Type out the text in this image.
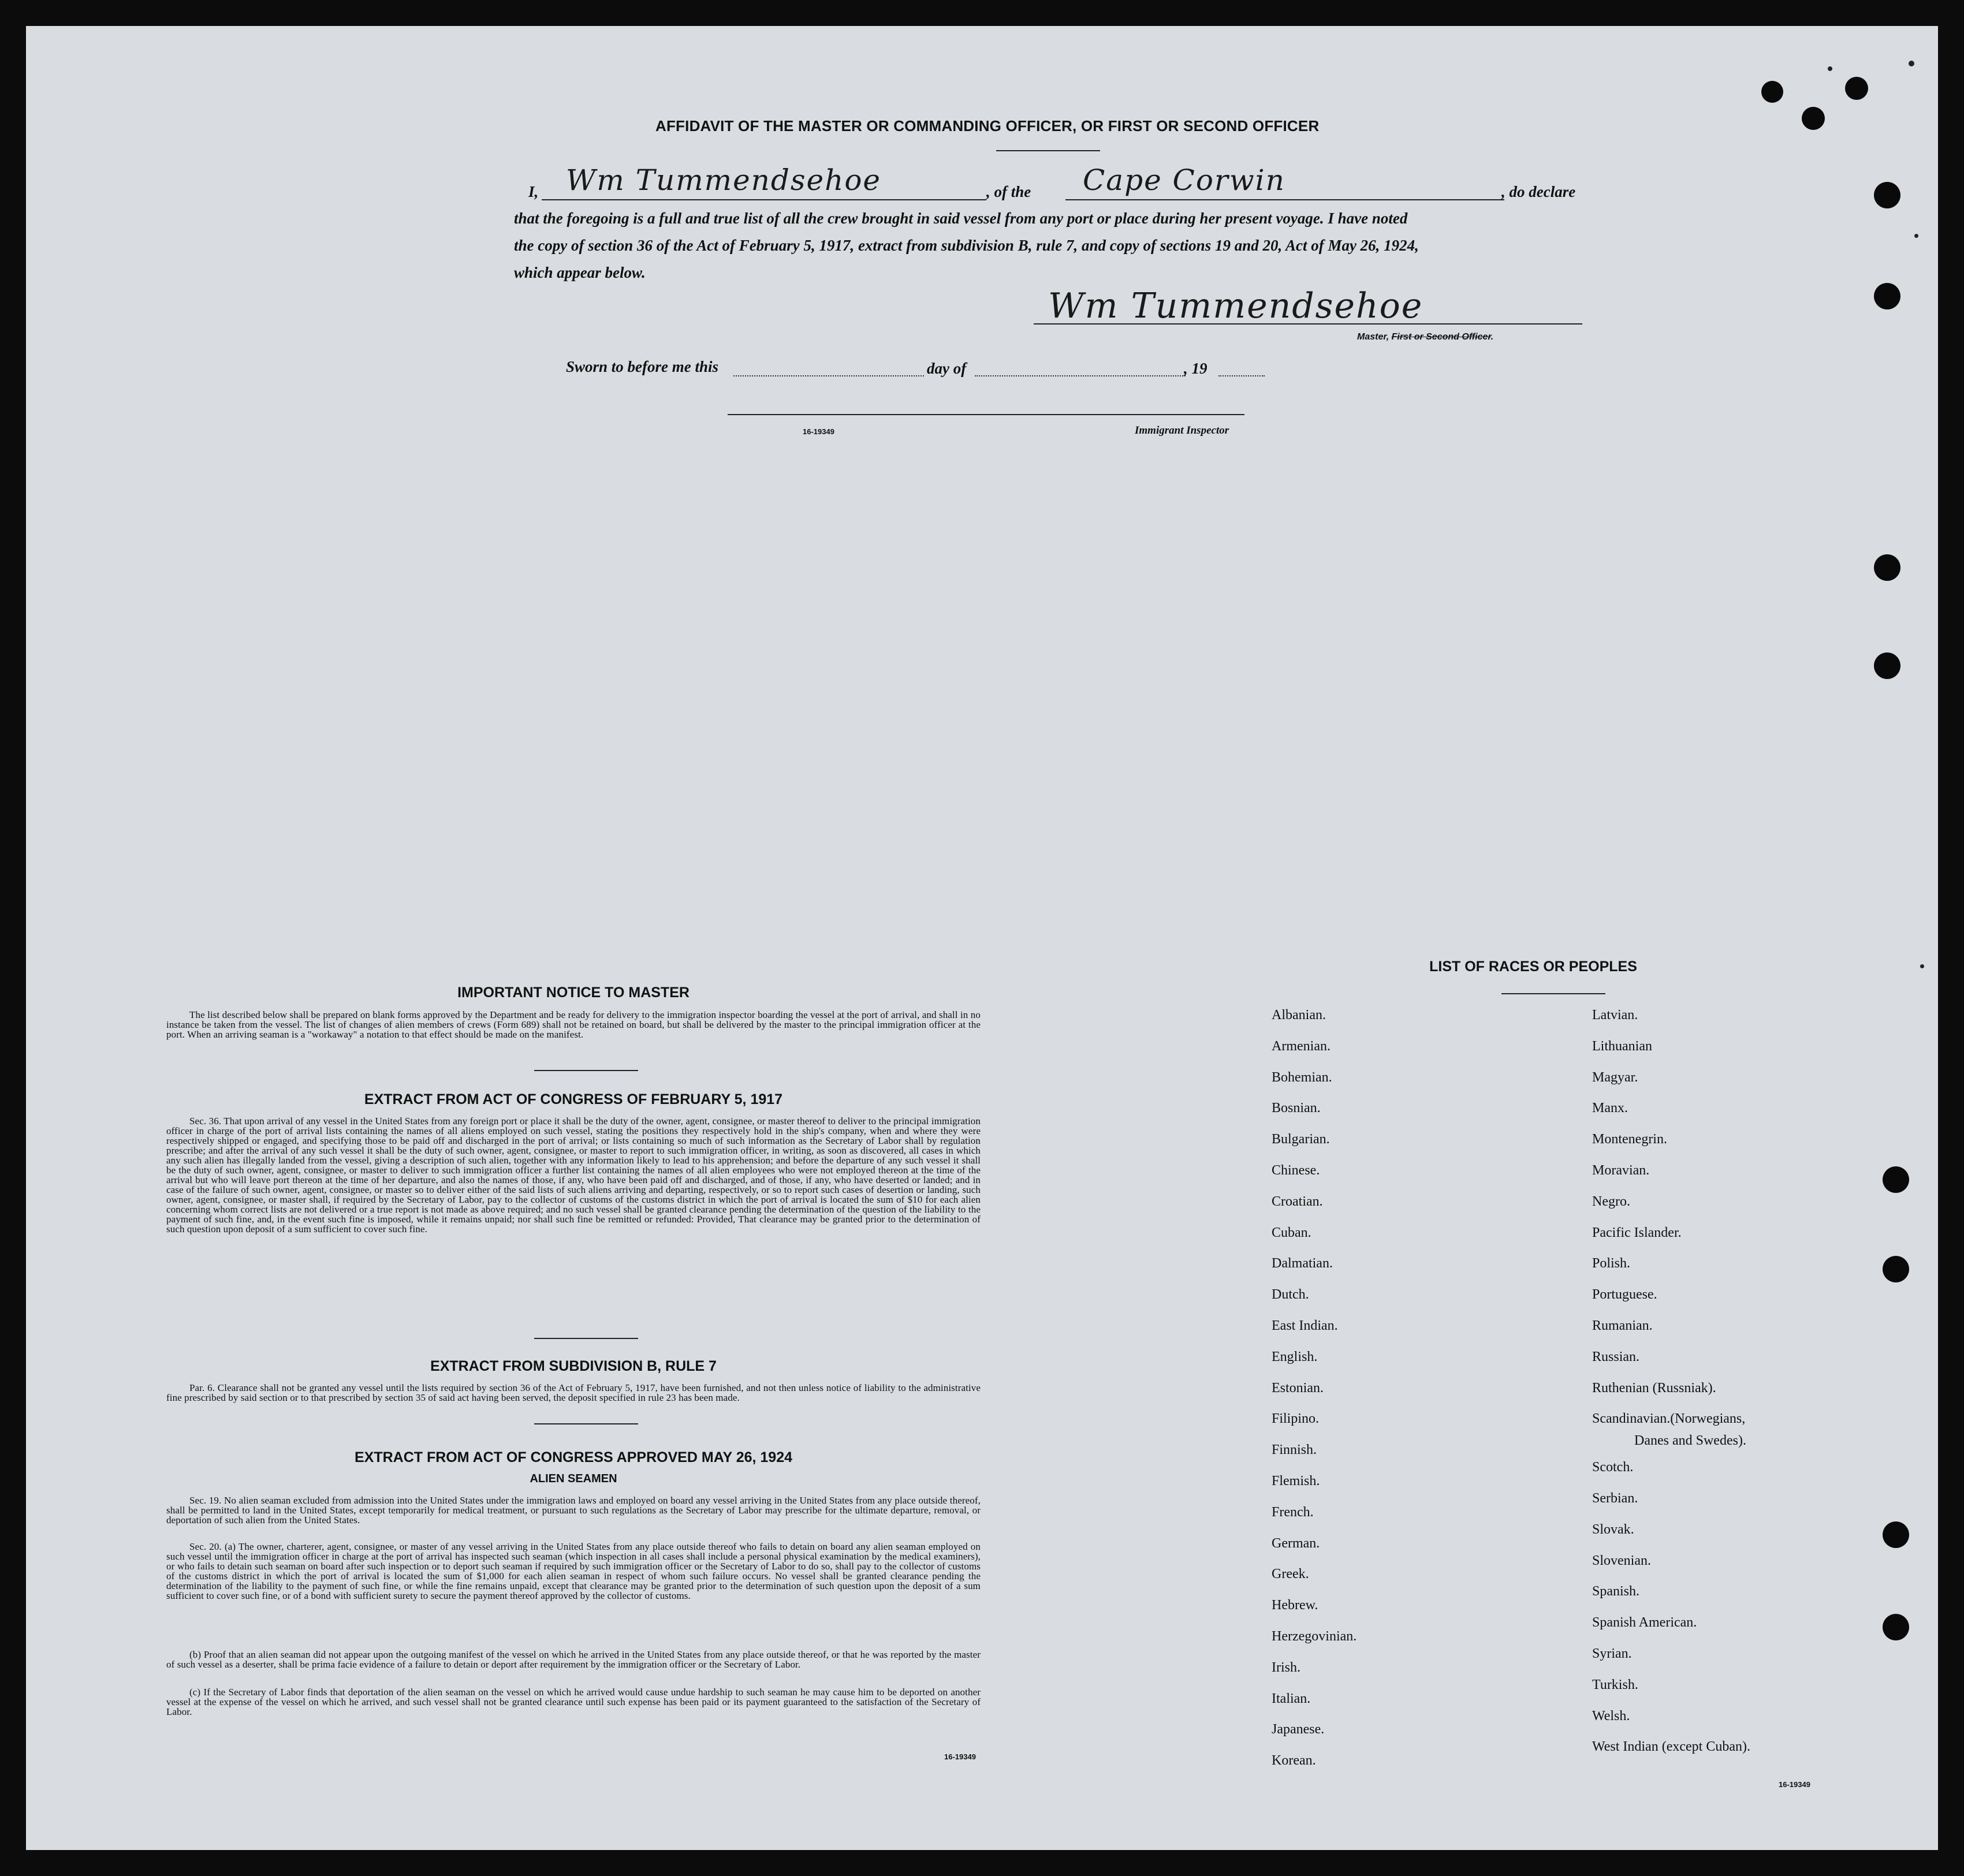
AFFIDAVIT OF THE MASTER OR COMMANDING OFFICER, OR FIRST OR SECOND OFFICER
I, Wm Tummendsehoe	, of the Cape Corwin	, do declare
that the foregoing is a full and true list of all the crew brought in said vessel from any port or place during her present voyage. I have noted
the copy of section 36 of the Act of February 5, 1917, extract from subdivision B, rule 7, and copy of sections 19 and 20, Act of May 26, 1924,
which appear below.
Wm Tummendsehoe
Master, First or Second Officer.
Sworn to before me this	day of	, 19
16-19349	Immigrant Inspector
IMPORTANT NOTICE TO MASTER
The list described below shall be prepared on blank forms approved by the Department and be ready for delivery to the immigration inspector boarding the vessel at the port of arrival, and shall in no instance be taken from the vessel. The list of changes of alien members of crews (Form 689) shall not be retained on board, but shall be delivered by the master to the principal immigration officer at the port. When an arriving seaman is a "workaway" a notation to that effect should be made on the manifest.
EXTRACT FROM ACT OF CONGRESS OF FEBRUARY 5, 1917
Sec. 36. That upon arrival of any vessel in the United States from any foreign port or place it shall be the duty of the owner, agent, consignee, or master thereof to deliver to the principal immigration officer in charge of the port of arrival lists containing the names of all aliens employed on such vessel, stating the positions they respectively hold in the ship's company, when and where they were respectively shipped or engaged, and specifying those to be paid off and discharged in the port of arrival; or lists containing so much of such information as the Secretary of Labor shall by regulation prescribe; and after the arrival of any such vessel it shall be the duty of such owner, agent, consignee, or master to report to such immigration officer, in writing, as soon as discovered, all cases in which any such alien has illegally landed from the vessel, giving a description of such alien, together with any information likely to lead to his apprehension; and before the departure of any such vessel it shall be the duty of such owner, agent, consignee, or master to deliver to such immigration officer a further list containing the names of all alien employees who were not employed thereon at the time of the arrival but who will leave port thereon at the time of her departure, and also the names of those, if any, who have been paid off and discharged, and of those, if any, who have deserted or landed; and in case of the failure of such owner, agent, consignee, or master so to deliver either of the said lists of such aliens arriving and departing, respectively, or so to report such cases of desertion or landing, such owner, agent, consignee, or master shall, if required by the Secretary of Labor, pay to the collector of customs of the customs district in which the port of arrival is located the sum of $10 for each alien concerning whom correct lists are not delivered or a true report is not made as above required; and no such vessel shall be granted clearance pending the determination of the question of the liability to the payment of such fine, and, in the event such fine is imposed, while it remains unpaid; nor shall such fine be remitted or refunded: Provided, That clearance may be granted prior to the determination of such question upon deposit of a sum sufficient to cover such fine.
EXTRACT FROM SUBDIVISION B, RULE 7
Par. 6. Clearance shall not be granted any vessel until the lists required by section 36 of the Act of February 5, 1917, have been furnished, and not then unless notice of liability to the administrative fine prescribed by said section or to that prescribed by section 35 of said act having been served, the deposit specified in rule 23 has been made.
EXTRACT FROM ACT OF CONGRESS APPROVED MAY 26, 1924
ALIEN SEAMEN
Sec. 19. No alien seaman excluded from admission into the United States under the immigration laws and employed on board any vessel arriving in the United States from any place outside thereof, shall be permitted to land in the United States, except temporarily for medical treatment, or pursuant to such regulations as the Secretary of Labor may prescribe for the ultimate departure, removal, or deportation of such alien from the United States.
Sec. 20. (a) The owner, charterer, agent, consignee, or master of any vessel arriving in the United States from any place outside thereof who fails to detain on board any alien seaman employed on such vessel until the immigration officer in charge at the port of arrival has inspected such seaman (which inspection in all cases shall include a personal physical examination by the medical examiners), or who fails to detain such seaman on board after such inspection or to deport such seaman if required by such immigration officer or the Secretary of Labor to do so, shall pay to the collector of customs of the customs district in which the port of arrival is located the sum of $1,000 for each alien seaman in respect of whom such failure occurs. No vessel shall be granted clearance pending the determination of the liability to the payment of such fine, or while the fine remains unpaid, except that clearance may be granted prior to the determination of such question upon the deposit of a sum sufficient to cover such fine, or of a bond with sufficient surety to secure the payment thereof approved by the collector of customs.
(b) Proof that an alien seaman did not appear upon the outgoing manifest of the vessel on which he arrived in the United States from any place outside thereof, or that he was reported by the master of such vessel as a deserter, shall be prima facie evidence of a failure to detain or deport after requirement by the immigration officer or the Secretary of Labor.
(c) If the Secretary of Labor finds that deportation of the alien seaman on the vessel on which he arrived would cause undue hardship to such seaman he may cause him to be deported on another vessel at the expense of the vessel on which he arrived, and such vessel shall not be granted clearance until such expense has been paid or its payment guaranteed to the satisfaction of the Secretary of Labor.
16-19349
LIST OF RACES OR PEOPLES
Danes and Swedes).
16-19349
Albanian.
Armenian.
Bohemian.
Bosnian.
Bulgarian.
Chinese.
Croatian.
Cuban.
Dalmatian.
Dutch.
East Indian.
English.
Estonian.
Filipino.
Finnish.
Flemish.
French.
German.
Greek.
Hebrew.
Herzegovinian.
Irish.
Italian.
Japanese.
Korean.
Latvian.
Lithuanian
Magyar.
Manx.
Montenegrin.
Moravian.
Negro.
Pacific Islander.
Polish.
Portuguese.
Rumanian.
Russian.
Ruthenian (Russniak).
Scandinavian.(Norwegians,
Scotch.
Serbian.
Slovak.
Slovenian.
Spanish.
Spanish American.
Syrian.
Turkish.
Welsh.
West Indian (except Cuban).
